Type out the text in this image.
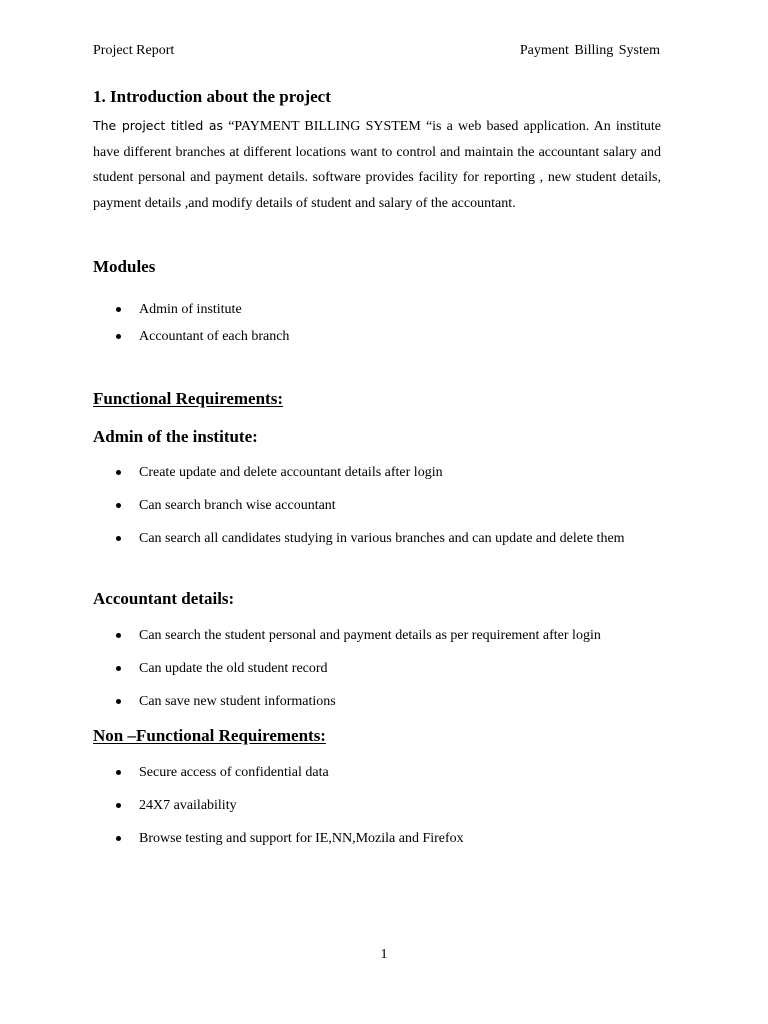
Project Report	Payment Billing System
1. Introduction about the project

The project titled as “PAYMENT BILLING SYSTEM “is a web based application. An institute have different branches at different locations want to control and maintain the accountant salary and student personal and payment details. software provides facility for reporting , new student details, payment details ,and modify details of student and salary of the accountant.

Modules
Admin of institute
Accountant of each branch
Functional Requirements:
Admin of the institute:
Create update and delete accountant details after login
Can search branch wise accountant
Can search all candidates studying in various branches and can update and delete them
Accountant details:
Can search the student personal and payment details as per requirement after login
Can update the old student record
Can save new student informations
Non –Functional Requirements:
Secure access of confidential data
24X7 availability
Browse testing and support for IE,NN,Mozila and Firefox
1
